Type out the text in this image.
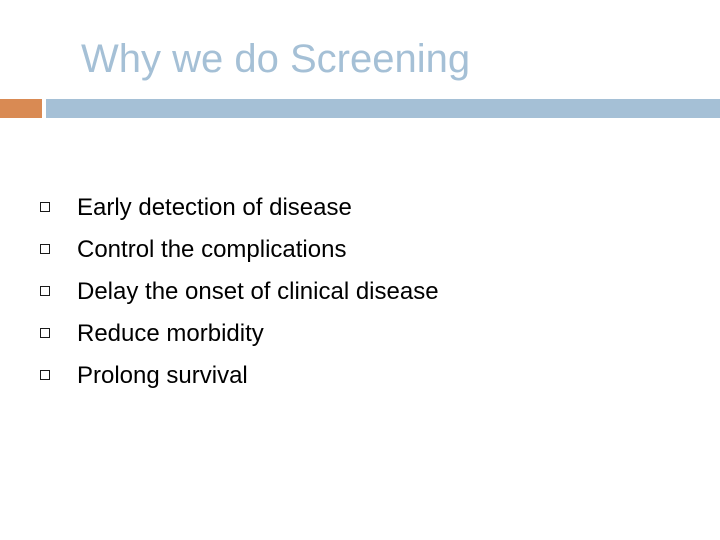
Why we do Screening
Early detection of disease
Control the complications
Delay the onset of clinical disease
Reduce morbidity
Prolong survival
